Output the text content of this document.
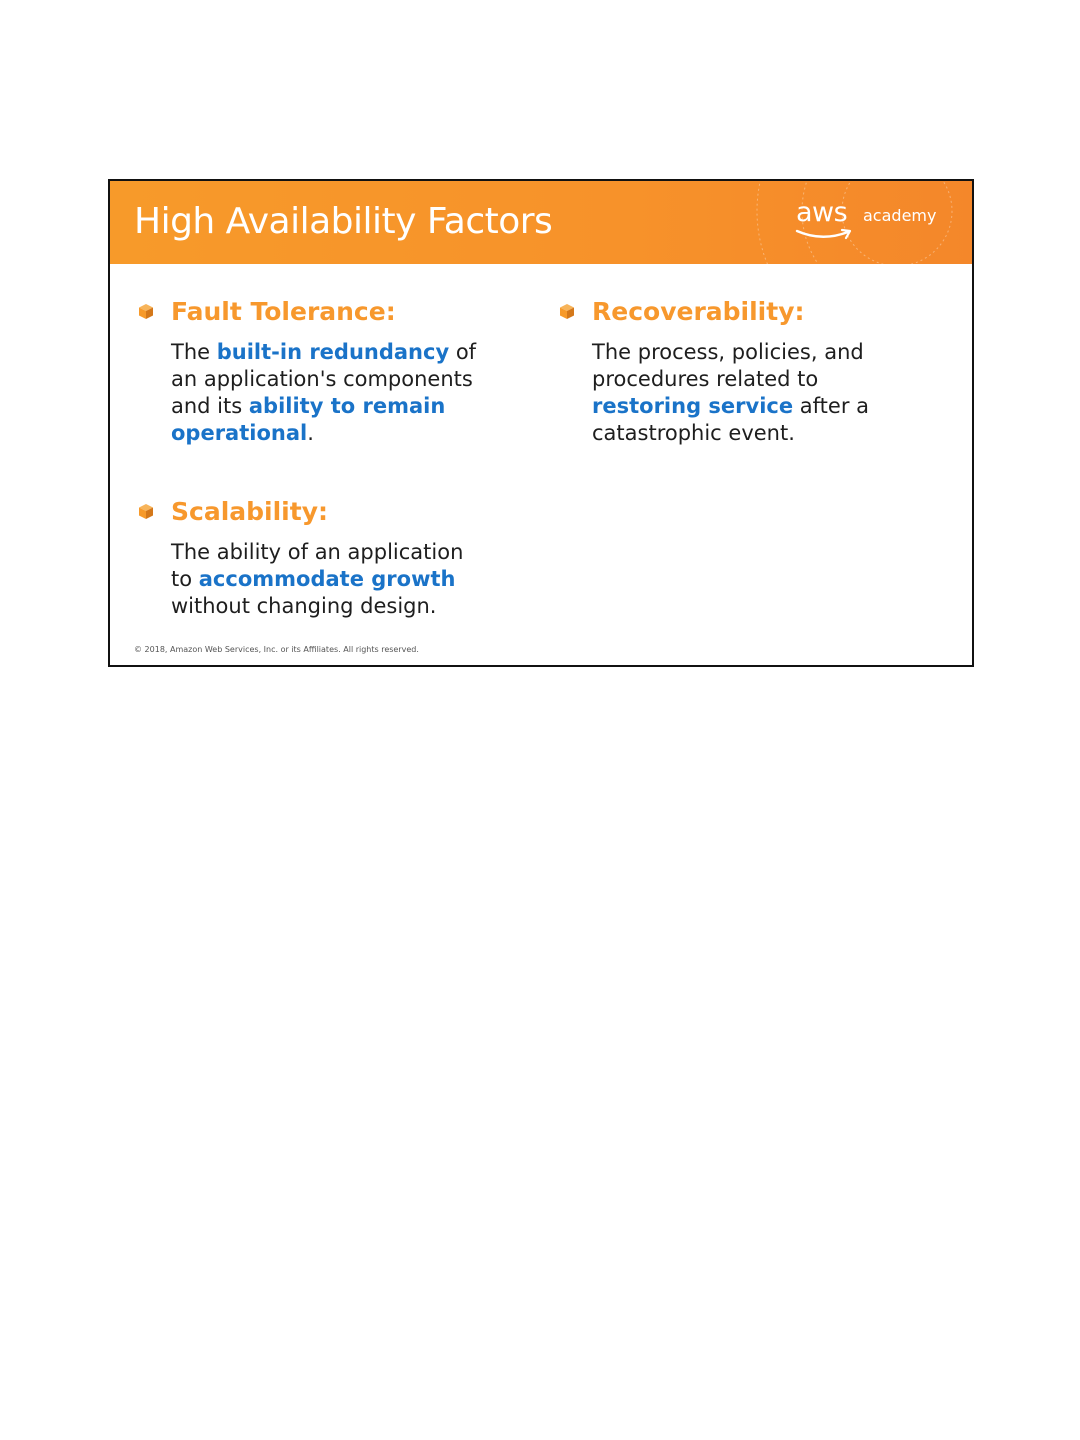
High Availability Factors	aws academy
Fault Tolerance:
The built-in redundancy of an application's components and its ability to remain operational.
Recoverability:
The process, policies, and procedures related to restoring service after a catastrophic event.
Scalability:
The ability of an application to accommodate growth without changing design.
© 2018, Amazon Web Services, Inc. or its Affiliates. All rights reserved.
